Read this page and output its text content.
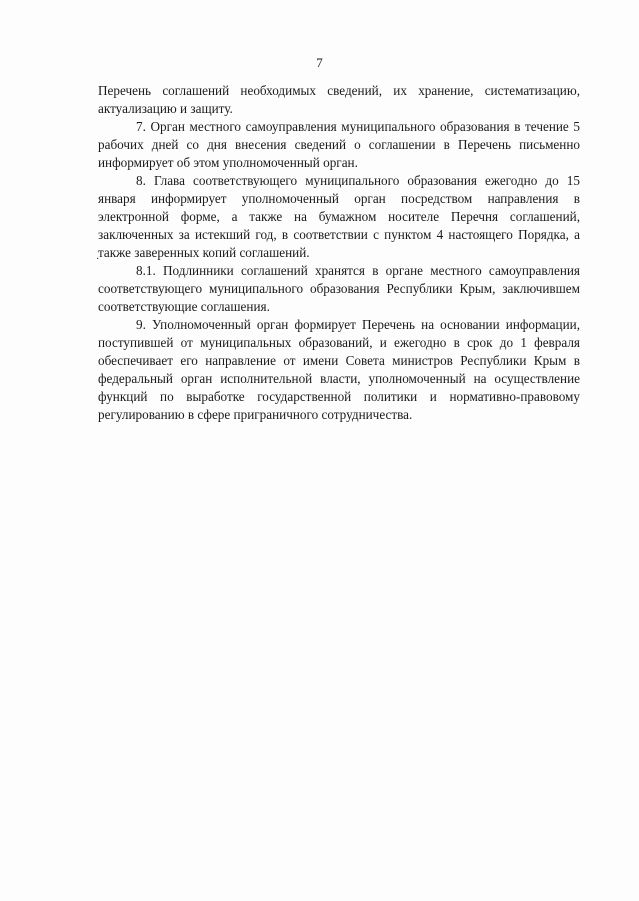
7
·

Перечень соглашений необходимых сведений, их хранение, систематизацию, актуализацию и защиту.

7. Орган местного самоуправления муниципального образования в течение 5 рабочих дней со дня внесения сведений о соглашении в Перечень письменно информирует об этом уполномоченный орган.

8. Глава соответствующего муниципального образования ежегодно до 15 января информирует уполномоченный орган посредством направления в электронной форме, а также на бумажном носителе Перечня соглашений, заключенных за истекший год, в соответствии с пунктом 4 настоящего Порядка, а также заверенных копий соглашений.

8.1. Подлинники соглашений хранятся в органе местного самоуправления соответствующего муниципального образования Республики Крым, заключившем соответствующие соглашения.

9. Уполномоченный орган формирует Перечень на основании информации, поступившей от муниципальных образований, и ежегодно в срок до 1 февраля обеспечивает его направление от имени Совета министров Республики Крым в федеральный орган исполнительной власти, уполномоченный на осуществление функций по выработке государственной политики и нормативно-правовому регулированию в сфере приграничного сотрудничества.
